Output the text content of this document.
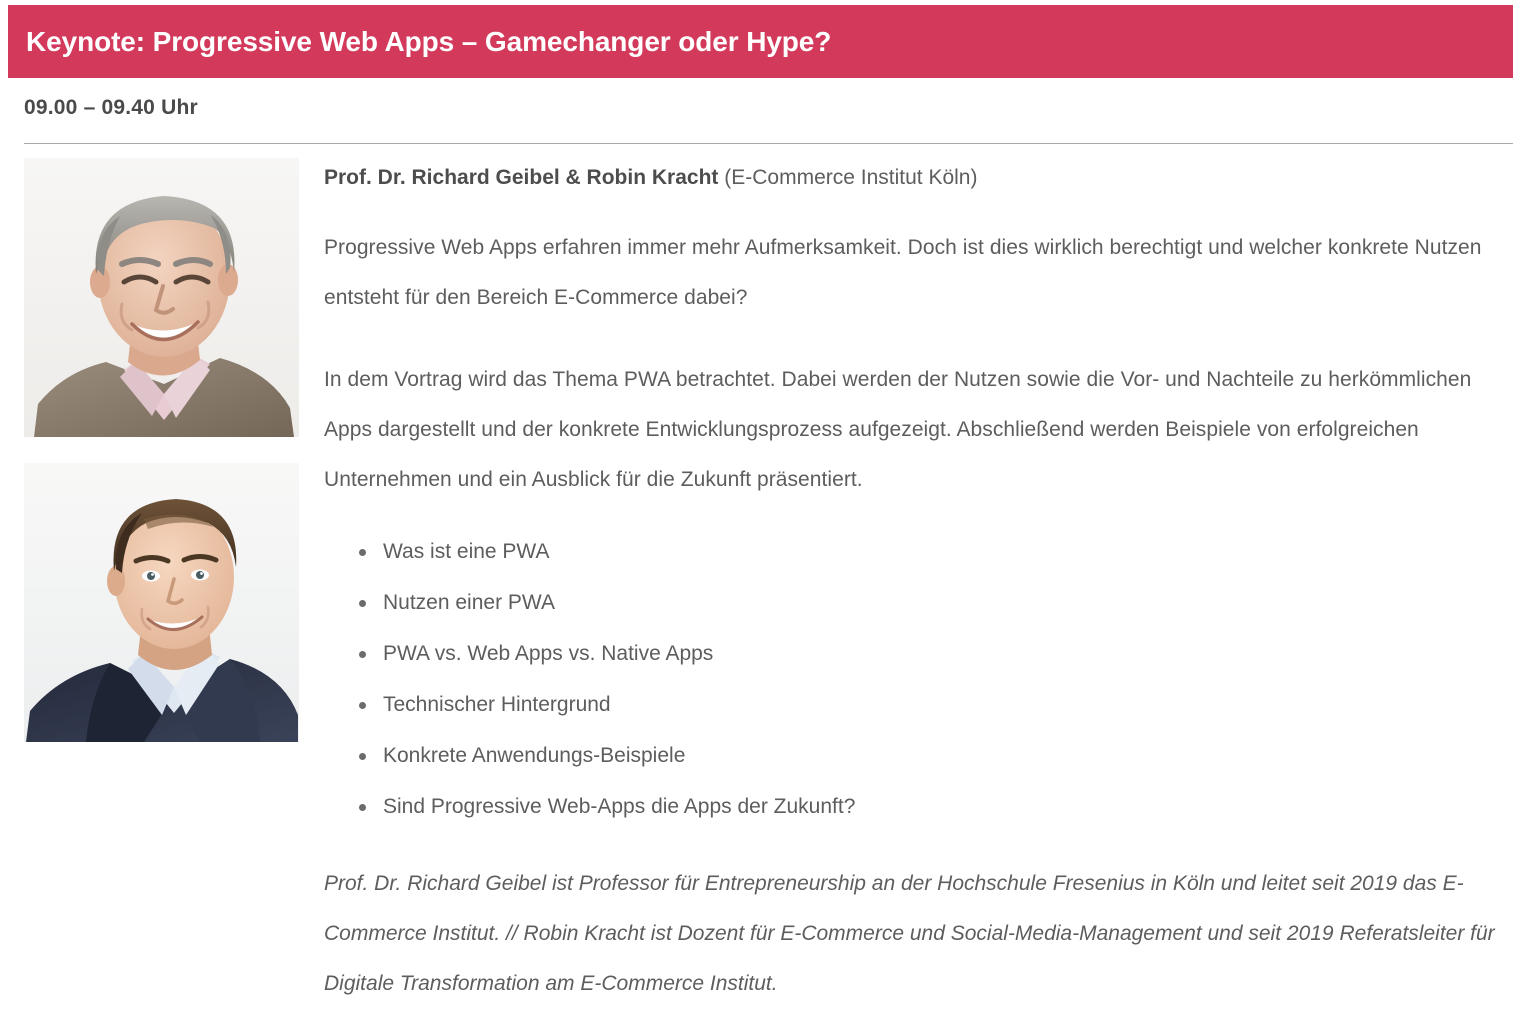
Keynote: Progressive Web Apps – Gamechanger oder Hype?
09.00 – 09.40 Uhr
Prof. Dr. Richard Geibel & Robin Kracht (E-Commerce Institut Köln)

Progressive Web Apps erfahren immer mehr Aufmerksamkeit. Doch ist dies wirklich berechtigt und welcher konkrete Nutzen entsteht für den Bereich E-Commerce dabei?

In dem Vortrag wird das Thema PWA betrachtet. Dabei werden der Nutzen sowie die Vor- und Nachteile zu herkömmlichen Apps dargestellt und der konkrete Entwicklungsprozess aufgezeigt. Abschließend werden Beispiele von erfolgreichen Unternehmen und ein Ausblick für die Zukunft präsentiert.

Was ist eine PWA
Nutzen einer PWA
PWA vs. Web Apps vs. Native Apps
Technischer Hintergrund
Konkrete Anwendungs-Beispiele
Sind Progressive Web-Apps die Apps der Zukunft?

Prof. Dr. Richard Geibel ist Professor für Entrepreneurship an der Hochschule Fresenius in Köln und leitet seit 2019 das E-Commerce Institut. // Robin Kracht ist Dozent für E-Commerce und Social-Media-Management und seit 2019 Referatsleiter für Digitale Transformation am E-Commerce Institut.
